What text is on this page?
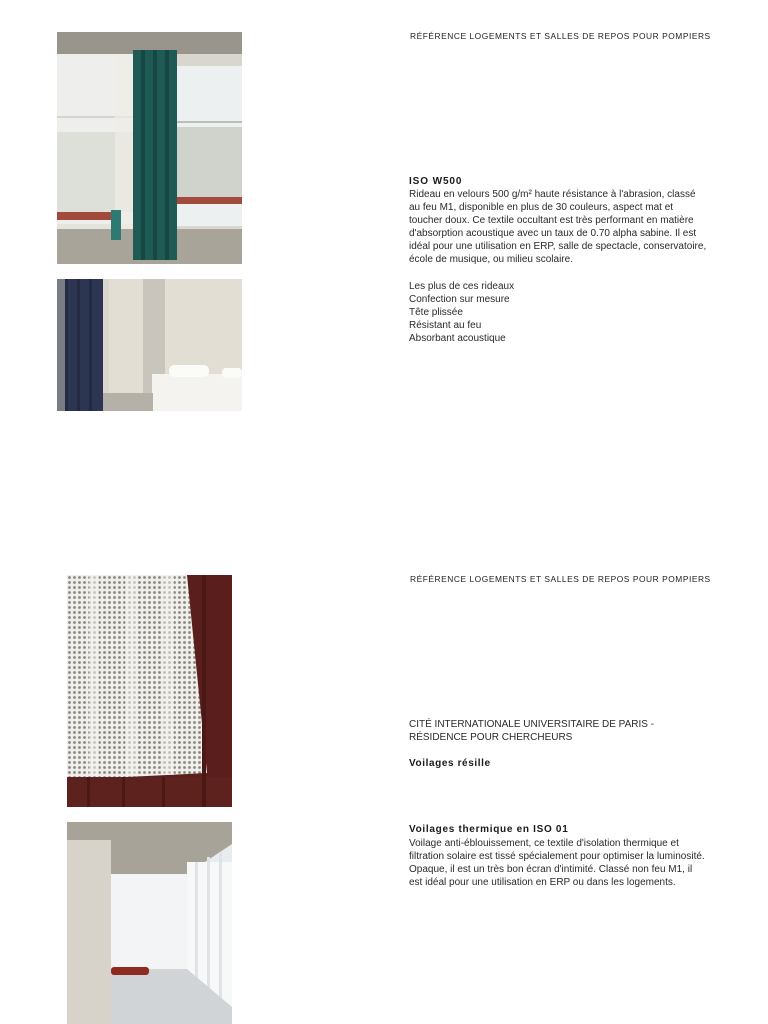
RÉFÉRENCE LOGEMENTS ET SALLES DE REPOS POUR POMPIERS
ISO W500
Rideau en velours 500 g/m² haute résistance à l'abrasion, classé
au feu M1, disponible en plus de 30 couleurs, aspect mat et
toucher doux. Ce textile occultant est très performant en matière
d'absorption acoustique avec un taux de 0.70 alpha sabine. Il est
idéal pour une utilisation en ERP, salle de spectacle, conservatoire,
école de musique, ou milieu scolaire.
Les plus de ces rideaux
Confection sur mesure
Tête plissée
Résistant au feu
Absorbant acoustique
RÉFÉRENCE LOGEMENTS ET SALLES DE REPOS POUR POMPIERS
CITÉ INTERNATIONALE UNIVERSITAIRE DE PARIS -
RÉSIDENCE POUR CHERCHEURS
Voilages résille
Voilages thermique en ISO 01
Voilage anti-éblouissement, ce textile d'isolation thermique et
filtration solaire est tissé spécialement pour optimiser la luminosité.
Opaque, il est un très bon écran d'intimité. Classé non feu M1, il
est idéal pour une utilisation en ERP ou dans les logements.
